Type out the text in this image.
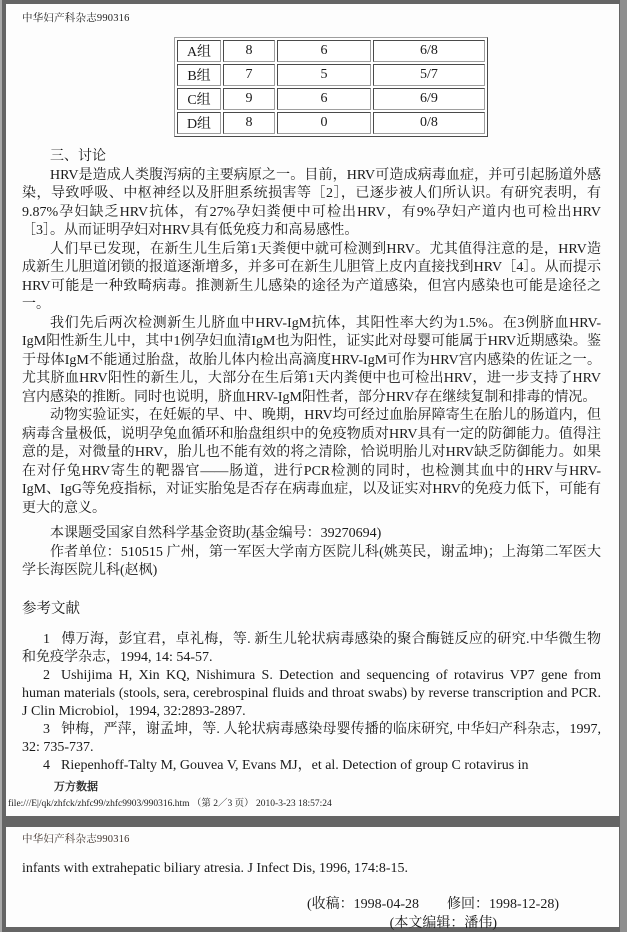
中华妇产科杂志990316
A组	8	6	6/8
B组	7	5	5/7
C组	9	6	6/9
D组	8	0	0/8

三、讨论

HRV是造成人类腹泻病的主要病原之一。目前，HRV可造成病毒血症，并可引起肠道外感染，导致呼吸、中枢神经以及肝胆系统损害等［2］，已逐步被人们所认识。有研究表明，有9.87%孕妇缺乏HRV抗体，有27%孕妇粪便中可检出HRV，有9%孕妇产道内也可检出HRV［3］。从而证明孕妇对HRV具有低免疫力和高易感性。

人们早已发现，在新生儿生后第1天粪便中就可检测到HRV。尤其值得注意的是，HRV造成新生儿胆道闭锁的报道逐渐增多，并多可在新生儿胆管上皮内直接找到HRV［4］。从而提示HRV可能是一种致畸病毒。推测新生儿感染的途径为产道感染，但宫内感染也可能是途径之一。

我们先后两次检测新生儿脐血中HRV-IgM抗体，其阳性率大约为1.5%。在3例脐血HRV-IgM阳性新生儿中，其中1例孕妇血清IgM也为阳性，证实此对母婴可能属于HRV近期感染。鉴于母体IgM不能通过胎盘，故胎儿体内检出高滴度HRV-IgM可作为HRV宫内感染的佐证之一。尤其脐血HRV阳性的新生儿，大部分在生后第1天内粪便中也可检出HRV，进一步支持了HRV宫内感染的推断。同时也说明，脐血HRV-IgM阳性者，部分HRV存在继续复制和排毒的情况。

动物实验证实，在妊娠的早、中、晚期，HRV均可经过血胎屏障寄生在胎儿的肠道内，但病毒含量极低，说明孕兔血循环和胎盘组织中的免疫物质对HRV具有一定的防御能力。值得注意的是，对微量的HRV，胎儿也不能有效的将之清除，恰说明胎儿对HRV缺乏防御能力。如果在对仔兔HRV寄生的靶器官——肠道，进行PCR检测的同时，也检测其血中的HRV与HRV-IgM、IgG等免疫指标，对证实胎兔是否存在病毒血症，以及证实对HRV的免疫力低下，可能有更大的意义。

本课题受国家自然科学基金资助(基金编号：39270694)

作者单位：510515 广州，第一军医大学南方医院儿科(姚英民，谢孟坤)；上海第二军医大学长海医院儿科(赵枫)

参考文献

1 傅万海，彭宜君，卓礼梅，等. 新生儿轮状病毒感染的聚合酶链反应的研究.中华微生物和免疫学杂志，1994, 14: 54-57.

2 Ushijima H, Xin KQ, Nishimura S. Detection and sequencing of rotavirus VP7 gene from human materials (stools, sera, cerebrospinal fluids and throat swabs) by reverse transcription and PCR. J Clin Microbiol，1994, 32:2893-2897.

3 钟梅，严萍，谢孟坤，等. 人轮状病毒感染母婴传播的临床研究, 中华妇产科杂志，1997, 32: 735-737.

4 Riepenhoff-Talty M, Gouvea V, Evans MJ，et al. Detection of group C rotavirus in

万方数据
file:///E|/qk/zhfck/zhfc99/zhfc9903/990316.htm （第 2／3 页） 2010-3-23 18:57:24
中华妇产科杂志990316

infants with extrahepatic biliary atresia. J Infect Dis, 1996, 174:8-15.

(收稿：1998-04-28　　修回：1998-12-28)
(本文编辑：潘伟)
